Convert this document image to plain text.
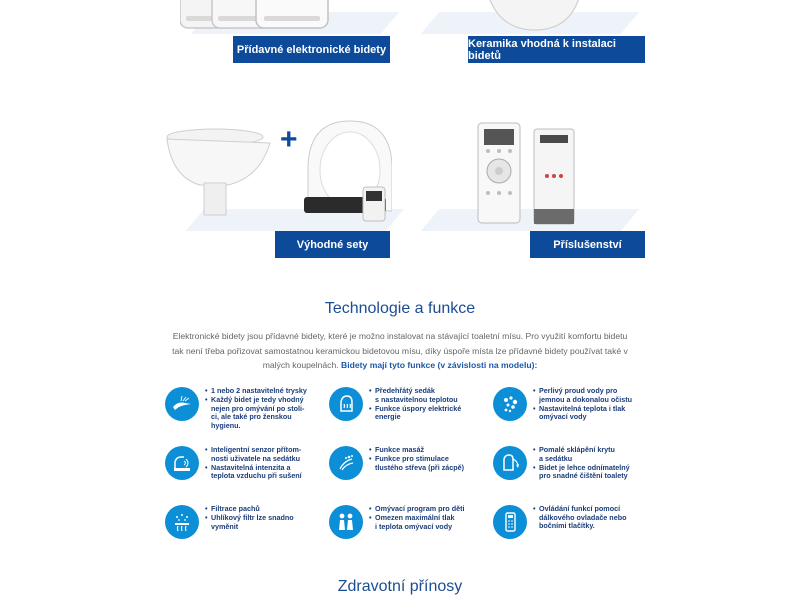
Přídavné elektronické bidety	Keramika vhodná k instalaci bidetů
+
Výhodné sety	Příslušenství
Technologie a funkce
Elektronické bidety jsou přídavné bidety, které je možno instalovat na stávající toaletní mísu. Pro využití komfortu bidetu tak není třeba pořizovat samostatnou keramickou bidetovou mísu, díky úspoře místa lze přídavné bidety používat také v malých koupelnách. Bidety mají tyto funkce (v závislosti na modelu):
• 1 nebo 2 nastavitelné trysky
• Každý bidet je tedy vhodný
nejen pro omývání po stoli-
ci, ale také pro ženskou
hygienu.
• Předehřátý sedák
s nastavitelnou teplotou
• Funkce úspory elektrické
energie
• Perlivý proud vody pro
jemnou a dokonalou očistu
• Nastavitelná teplota i tlak
omývací vody
• Inteligentní senzor přítom-
nosti uživatele na sedátku
• Nastavitelná intenzita a
teplota vzduchu při sušení
• Funkce masáž
• Funkce pro stimulace
tlustého střeva (při zácpě)
• Pomalé sklápění krytu
a sedátku
• Bidet je lehce odnímatelný
pro snadné čištění toalety
• Filtrace pachů
• Uhlíkový filtr lze snadno
vyměnit
• Omývací program pro děti
• Omezen maximální tlak
i teplota omývací vody
• Ovládání funkcí pomocí
dálkového ovladače nebo
bočními tlačítky.
Zdravotní přínosy
